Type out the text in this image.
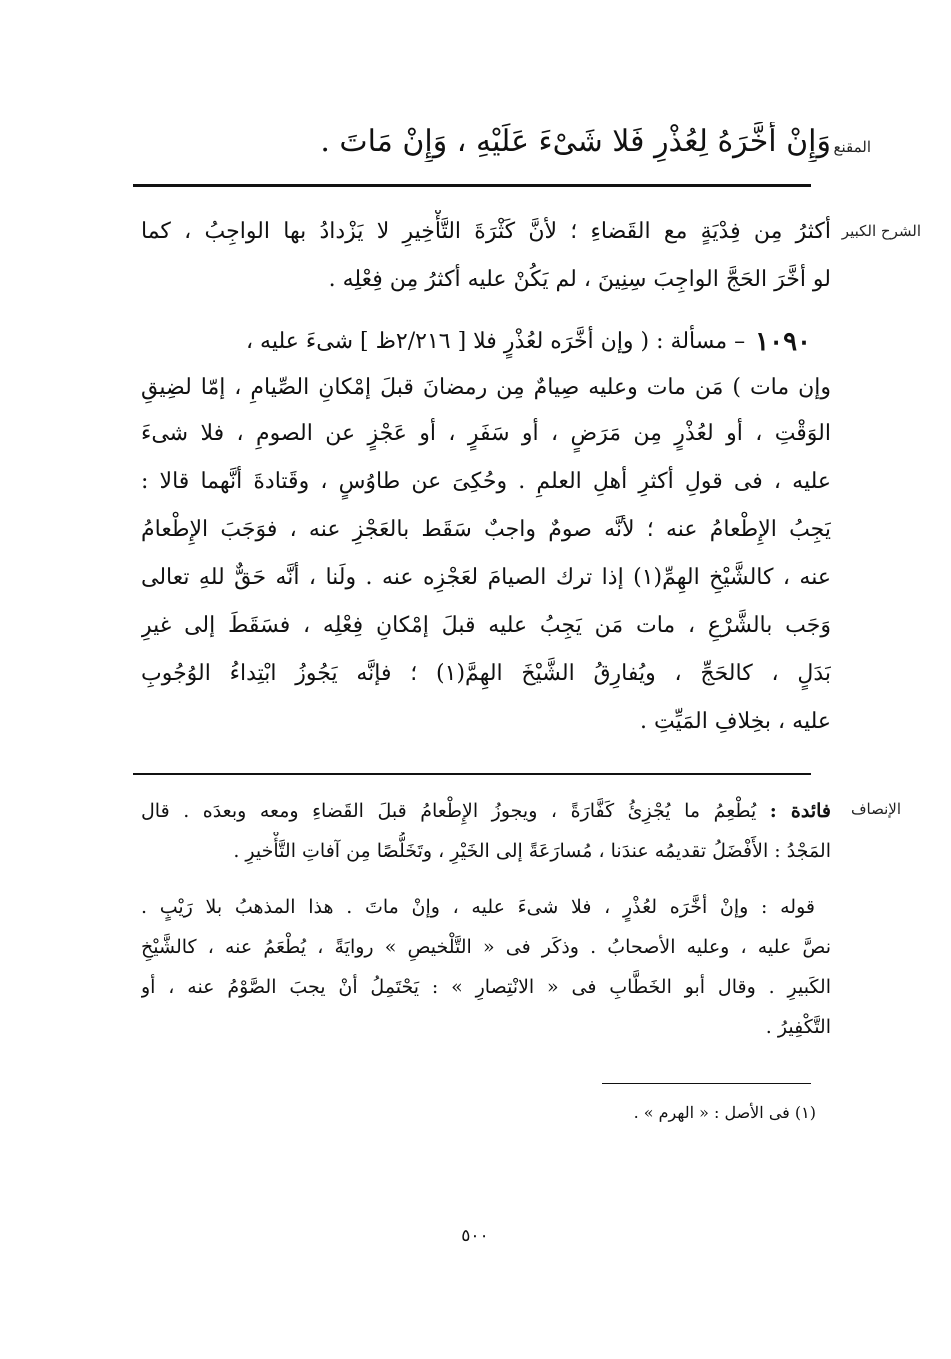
المقنع
وَإِنْ أَخَّرَهُ لِعُذْرٍ فَلا شَىْءَ عَلَيْهِ ، وَإِنْ مَاتَ .
الشرح الكبير
أكثرُ مِن فِدْيَةٍ مع القَضاءِ ؛ لأنَّ كَثْرَةَ التَّأْخِيرِ لا يَزْدادُ بها الواجِبُ ، كما
لو أخَّرَ الحَجَّ الواجِبَ سِنِينَ ، لم يَكُنْ عليه أكثرُ مِن فِعْلِه .
١٠٩٠
– مسألة : ( وإن أخَّرَه لعُذْرٍ فلا [ ٢/٢١٦ظ ] شىءَ عليه ،
وإن مات ) مَن مات وعليه صِيامٌ مِن رمضانَ قبلَ إمْكانِ الصِّيامِ ، إمّا لضِيقِ
الوَقْتِ ، أو لعُذْرٍ مِن مَرَضٍ ، أو سَفَرٍ ، أو عَجْزٍ عن الصومِ ، فلا شىءَ
عليه ، فى قولِ أكثرِ أهلِ العلمِ . وحُكِىَ عن طاوُسٍ ، وقَتادةَ أنَّهما قالا :
يَجِبُ الإِطْعامُ عنه ؛ لأنَّه صومٌ واجبٌ سَقَط بالعَجْزِ عنه ، فوَجَبَ الإِطْعامُ
عنه ، كالشَّيْخِ الهِمِّ(١) إذا ترك الصيامَ لعَجْزِه عنه . ولَنا ، أنَّه حَقٌّ للهِ تعالى
وَجَب بالشَّرْعِ ، مات مَن يَجِبُ عليه قبلَ إمْكانِ فِعْلِه ، فسَقَطَ إلى غيرِ
بَدَلٍ ، كالحَجِّ ، ويُفارِقُ الشَّيْخَ الهِمَّ(١) ؛ فإنَّه يَجُوزُ ابْتِداءُ الوُجُوبِ
عليه ، بخِلافِ المَيِّتِ .
الإنصاف
فائدة : يُطْعِمُ ما يُجْزِئُ كَفَّارَةً ، ويجوزُ الإِطْعامُ قبلَ القَضاءِ ومعه وبعدَه . قال
المَجْدُ : الأَفْضَلُ تقديمُه عندَنا ، مُسارَعَةً إلى الخَيْرِ ، وتَخَلُّصًا مِن آفاتِ التَّأْخيرِ .
قوله : وإنْ أخَّرَه لعُذْرٍ ، فلا شىءَ عليه ، وإنْ ماتَ . هذا المذهبُ بلا رَيْبٍ .
نصَّ عليه ، وعليه الأصحابُ . وذكَر فى « التَّلْخيصِ » روايَةً ، يُطْعَمُ عنه ، كالشَّيْخِ
الكَبيرِ . وقال أبو الخَطَّابِ فى « الانْتِصارِ » : يَحْتَمِلُ أنْ يجبَ الصَّوْمُ عنه ، أو
التَّكْفِيرُ .
(١) فى الأصل : « الهرم » .
٥٠٠
